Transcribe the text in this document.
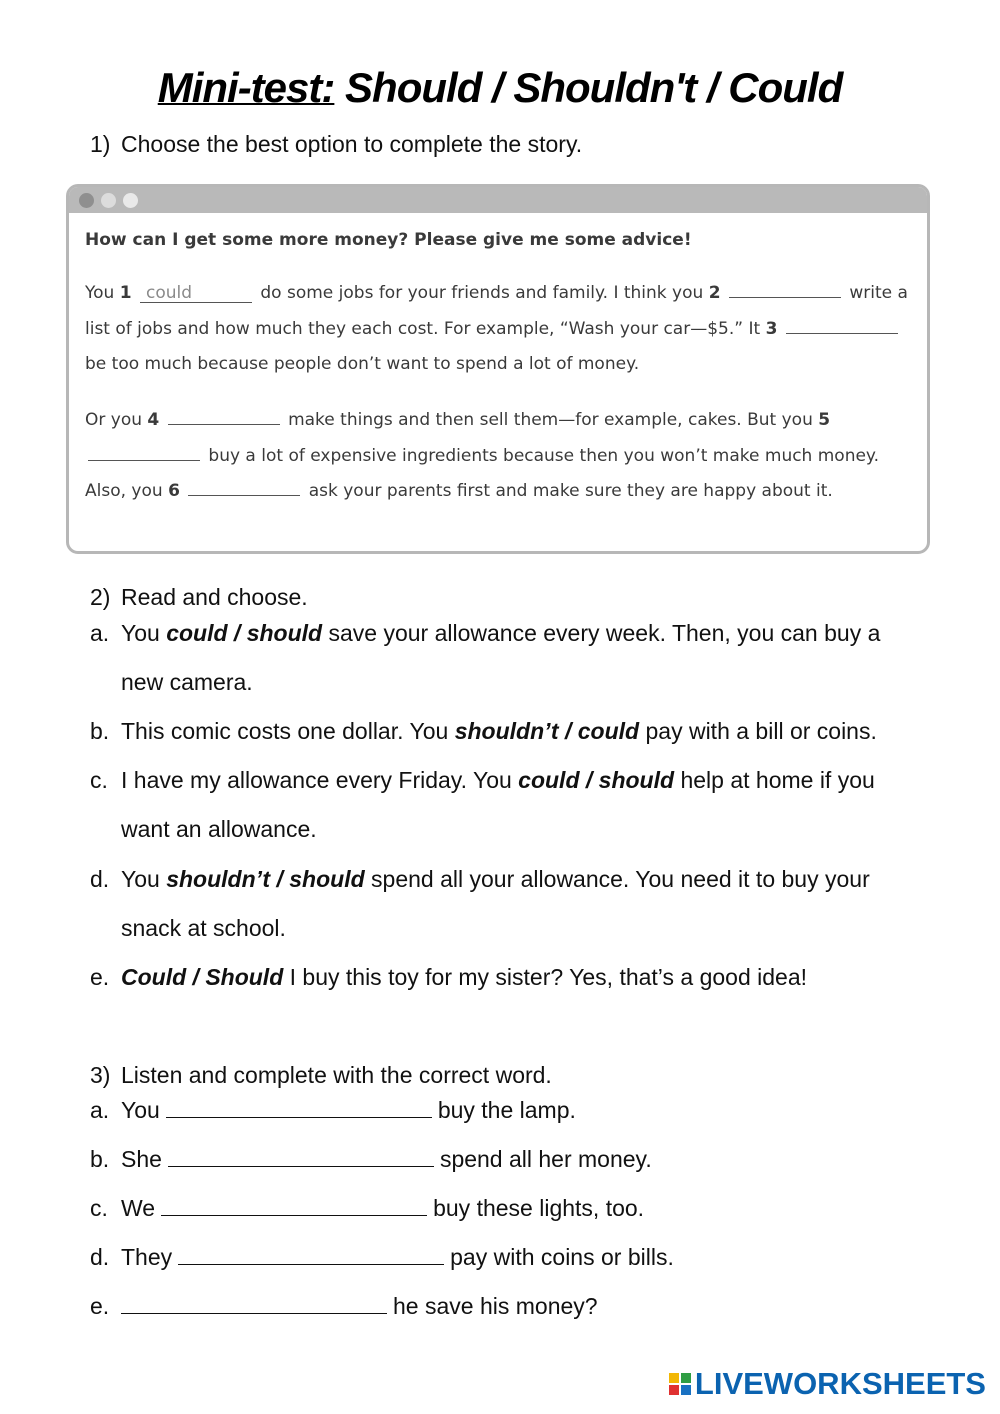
Mini-test: Should / Shouldn't / Could
1) Choose the best option to complete the story.
How can I get some more money? Please give me some advice!
You 1 could	do some jobs for your friends and family. I think you 2	write a list of jobs and how much they each cost. For example, “Wash your car—$5.” It 3  be too much because people don’t want to spend a lot of money.
Or you 4	make things and then sell them—for example, cakes. But you 5  buy a lot of expensive ingredients because then you won’t make much money. Also, you 6	ask your parents first and make sure they are happy about it.
2) Read and choose.
a. You could / should save your allowance every week. Then, you can buy a new camera.
b. This comic costs one dollar. You shouldn’t / could pay with a bill or coins.
c. I have my allowance every Friday. You could / should help at home if you want an allowance.
d. You shouldn’t / should spend all your allowance. You need it to buy your snack at school.
e. Could / Should I buy this toy for my sister? Yes, that’s a good idea!
3) Listen and complete with the correct word.
a. You	buy the lamp.
b. She	spend all her money.
c. We	buy these lights, too.
d. They	pay with coins or bills.
e.	he save his money?
LIVEWORKSHEETS
